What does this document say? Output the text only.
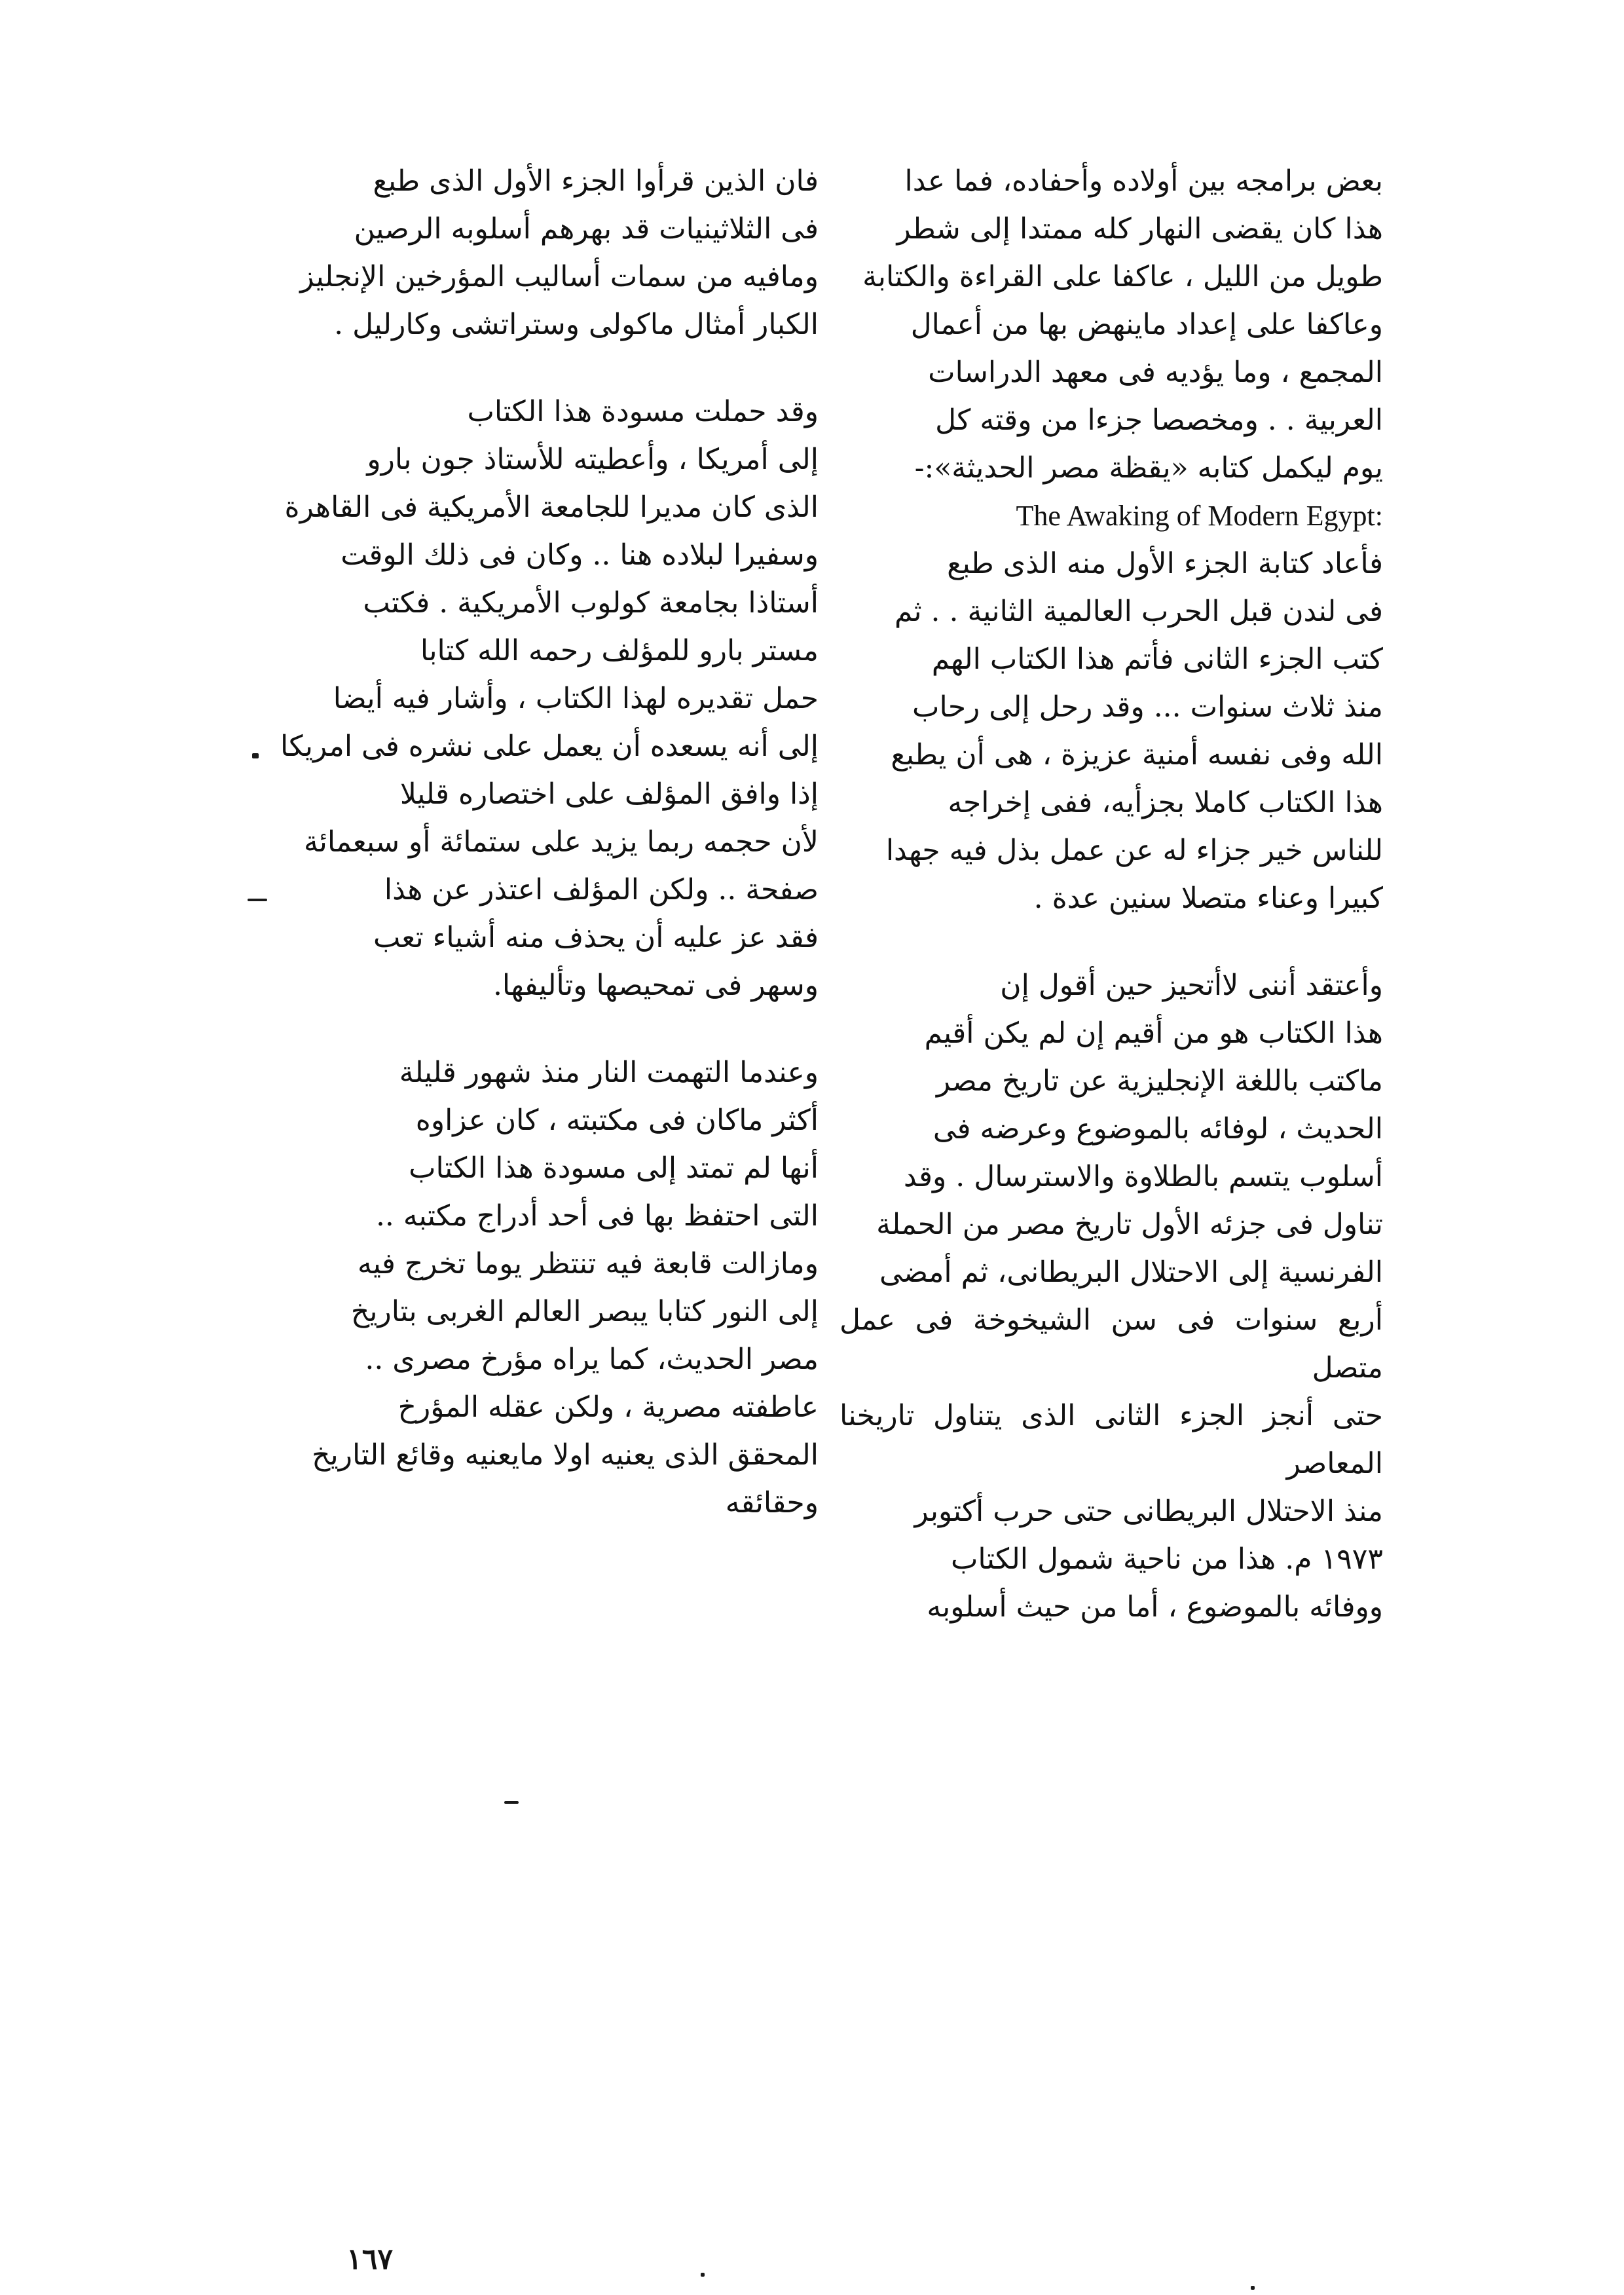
بعض برامجه بين أولاده وأحفاده، فما عدا
هذا كان يقضى النهار كله ممتدا إلى شطر
طويل من الليل ، عاكفا على القراءة والكتابة
وعاكفا على إعداد ماينهض بها من أعمال
المجمع ، وما يؤديه فى معهد الدراسات
العربية . . ومخصصا جزءا من وقته كل
يوم ليكمل كتابه «يقظة مصر الحديثة»:-

The Awaking of Modern Egypt:

فأعاد كتابة الجزء الأول منه الذى طبع
فى لندن قبل الحرب العالمية الثانية . . ثم
كتب الجزء الثانى فأتم هذا الكتاب الهم
منذ ثلاث سنوات ... وقد رحل إلى رحاب
الله وفى نفسه أمنية عزيزة ، هى أن يطبع
هذا الكتاب كاملا بجزأيه، ففى إخراجه
للناس خير جزاء له عن عمل بذل فيه جهدا
كبيرا وعناء متصلا سنين عدة .

وأعتقد أننى لاأتحيز حين أقول إن
هذا الكتاب هو من أقيم إن لم يكن أقيم
ماكتب باللغة الإنجليزية عن تاريخ مصر
الحديث ، لوفائه بالموضوع وعرضه فى
أسلوب يتسم بالطلاوة والاسترسال . وقد
تناول فى جزئه الأول تاريخ مصر من الحملة
الفرنسية إلى الاحتلال البريطانى، ثم أمضى
أربع سنوات فى سن الشيخوخة فى عمل متصل
حتى أنجز الجزء الثانى الذى يتناول تاريخنا المعاصر
منذ الاحتلال البريطانى حتى حرب أكتوبر
١٩٧٣ م. هذا من ناحية شمول الكتاب
ووفائه بالموضوع ، أما من حيث أسلوبه

فان الذين قرأوا الجزء الأول الذى طبع
فى الثلاثينيات قد بهرهم أسلوبه الرصين
ومافيه من سمات أساليب المؤرخين الإنجليز
الكبار أمثال ماكولى وستراتشى وكارليل .

وقد حملت مسودة هذا الكتاب
إلى أمريكا ، وأعطيته للأستاذ جون بارو
الذى كان مديرا للجامعة الأمريكية فى القاهرة
وسفيرا لبلاده هنا .. وكان فى ذلك الوقت
أستاذا بجامعة كولوب الأمريكية . فكتب
مستر بارو للمؤلف رحمه الله كتابا
حمل تقديره لهذا الكتاب ، وأشار فيه أيضا
إلى أنه يسعده أن يعمل على نشره فى امريكا
إذا وافق المؤلف على اختصاره قليلا
لأن حجمه ربما يزيد على ستمائة أو سبعمائة
صفحة .. ولكن المؤلف اعتذر عن هذا
فقد عز عليه أن يحذف منه أشياء تعب
وسهر فى تمحيصها وتأليفها.

وعندما التهمت النار منذ شهور قليلة
أكثر ماكان فى مكتبته ، كان عزاوه
أنها لم تمتد إلى مسودة هذا الكتاب
التى احتفظ بها فى أحد أدراج مكتبه ..
ومازالت قابعة فيه تنتظر يوما تخرج فيه
إلى النور كتابا يبصر العالم الغربى بتاريخ
مصر الحديث، كما يراه مؤرخ مصرى ..
عاطفته مصرية ، ولكن عقله المؤرخ
المحقق الذى يعنيه اولا مايعنيه وقائع التاريخ
وحقائقه

١٦٧
